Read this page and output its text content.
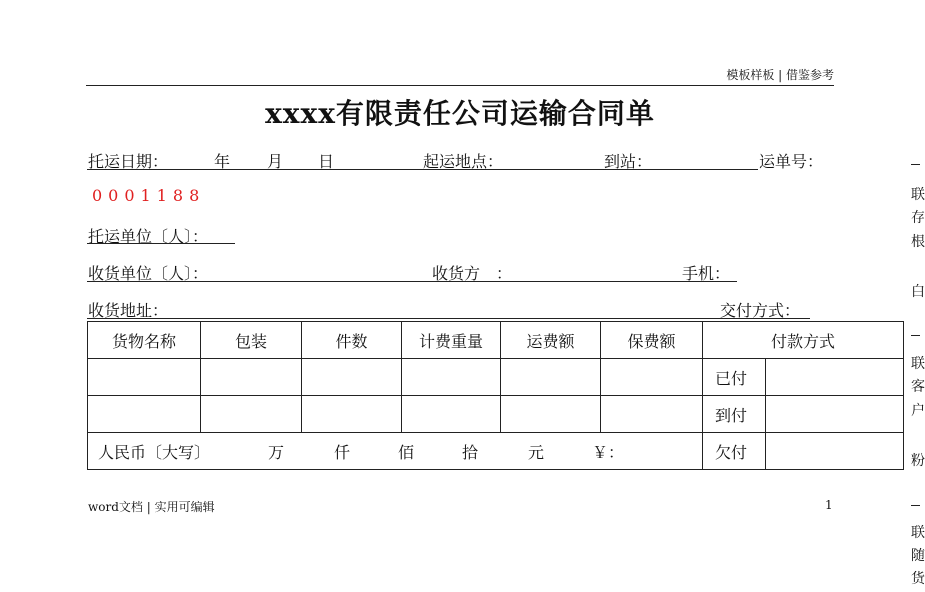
模板样板 | 借鉴参考
xxxx有限责任公司运输合同单
托运日期：	年 月 日	起运地点：	到站：	运单号：
0001188
托运单位〔人〕：
收货单位〔人〕：	收货方　：	手机：
收货地址：	交付方式：
货物名称	包装	件数	计费重量	运费额	保费额	付款方式	
						已付	
						到付	
人民币〔大写〕 万 仟 佰 拾 元 ￥：						欠付	
word文档 | 实用可编辑	1
联
存
根
白
联
客
户
粉
联
随
货
